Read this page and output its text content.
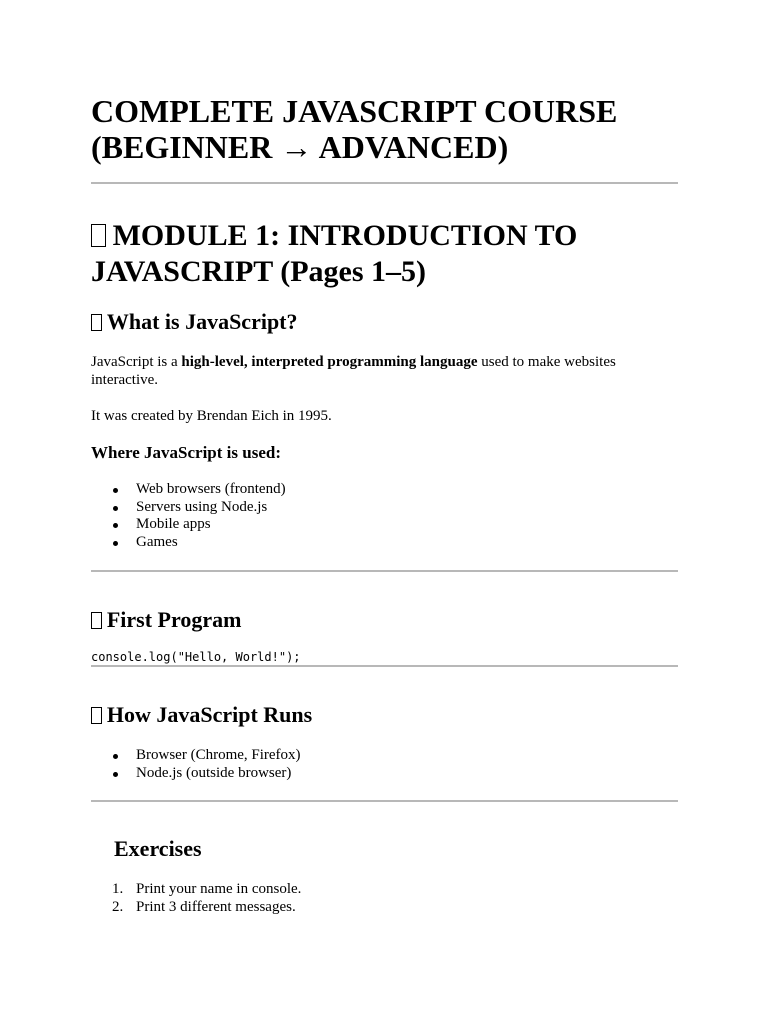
COMPLETE JAVASCRIPT COURSE
(BEGINNER → ADVANCED)
MODULE 1: INTRODUCTION TO
JAVASCRIPT (Pages 1–5)
What is JavaScript?

JavaScript is a high-level, interpreted programming language used to make websites interactive.

It was created by Brendan Eich in 1995.

Where JavaScript is used:
Web browsers (frontend)
Servers using Node.js
Mobile apps
Games
First Program
console.log("Hello, World!");
How JavaScript Runs
Browser (Chrome, Firefox)
Node.js (outside browser)
Exercises
1. Print your name in console.
2. Print 3 different messages.
